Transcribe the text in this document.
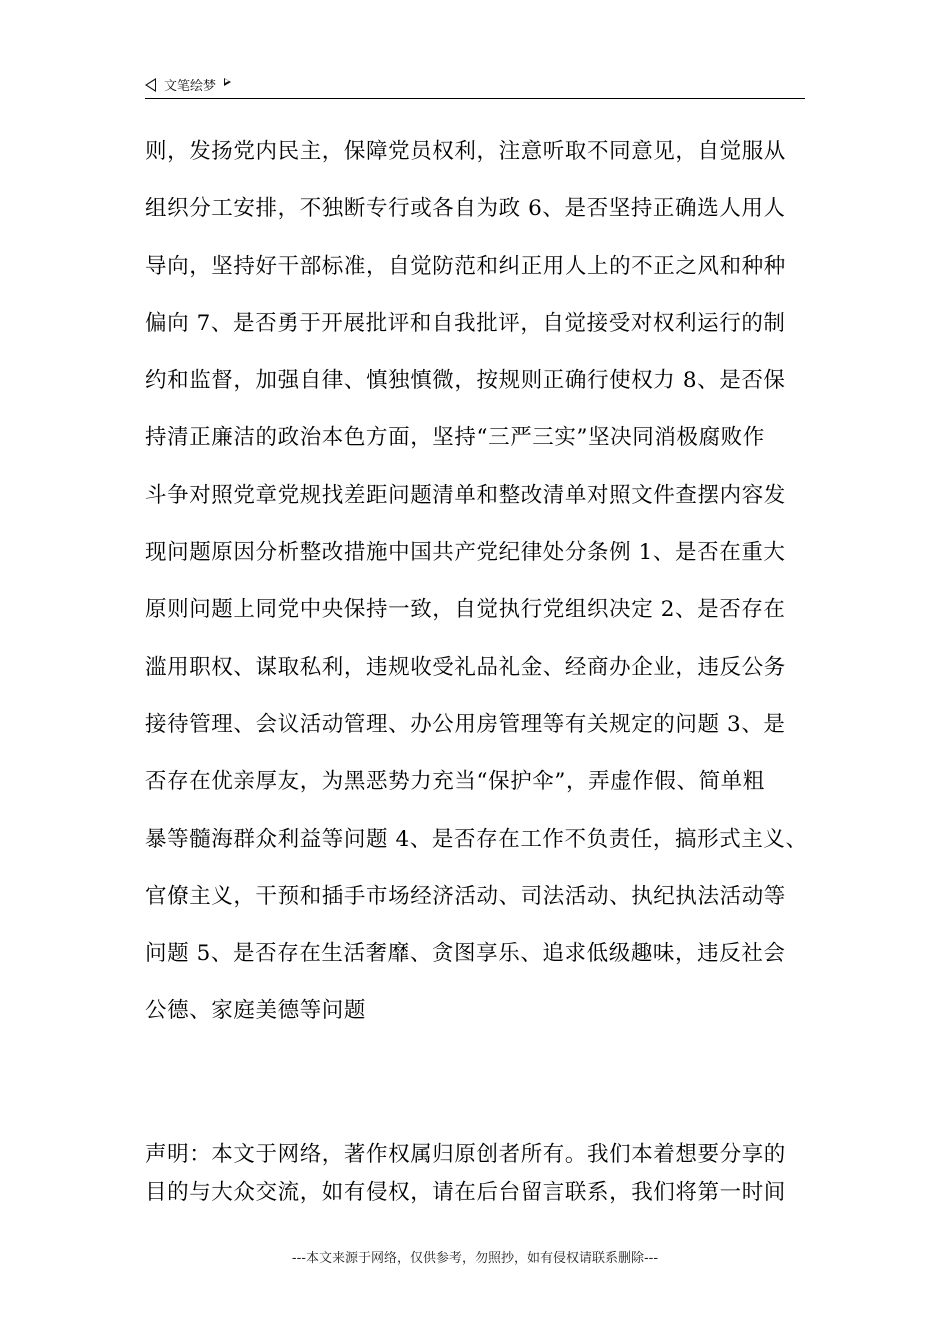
文笔绘梦
则，发扬党内民主，保障党员权利，注意听取不同意见，自觉服从
组织分工安排，不独断专行或各自为政 6、是否坚持正确选人用人
导向，坚持好干部标准，自觉防范和纠正用人上的不正之风和种种
偏向 7、是否勇于开展批评和自我批评，自觉接受对权利运行的制
约和监督，加强自律、慎独慎微，按规则正确行使权力 8、是否保
持清正廉洁的政治本色方面，坚持“三严三实”坚决同消极腐败作
斗争对照党章党规找差距问题清单和整改清单对照文件查摆内容发
现问题原因分析整改措施中国共产党纪律处分条例 1、是否在重大
原则问题上同党中央保持一致，自觉执行党组织决定 2、是否存在
滥用职权、谋取私利，违规收受礼品礼金、经商办企业，违反公务
接待管理、会议活动管理、办公用房管理等有关规定的问题 3、是
否存在优亲厚友，为黑恶势力充当“保护伞”，弄虚作假、简单粗
暴等髓海群众利益等问题 4、是否存在工作不负责任，搞形式主义、
官僚主义，干预和插手市场经济活动、司法活动、执纪执法活动等
问题 5、是否存在生活奢靡、贪图享乐、追求低级趣味，违反社会
公德、家庭美德等问题
声明：本文于网络，著作权属归原创者所有。我们本着想要分享的
目的与大众交流，如有侵权，请在后台留言联系，我们将第一时间
---本文来源于网络，仅供参考，勿照抄，如有侵权请联系删除---
